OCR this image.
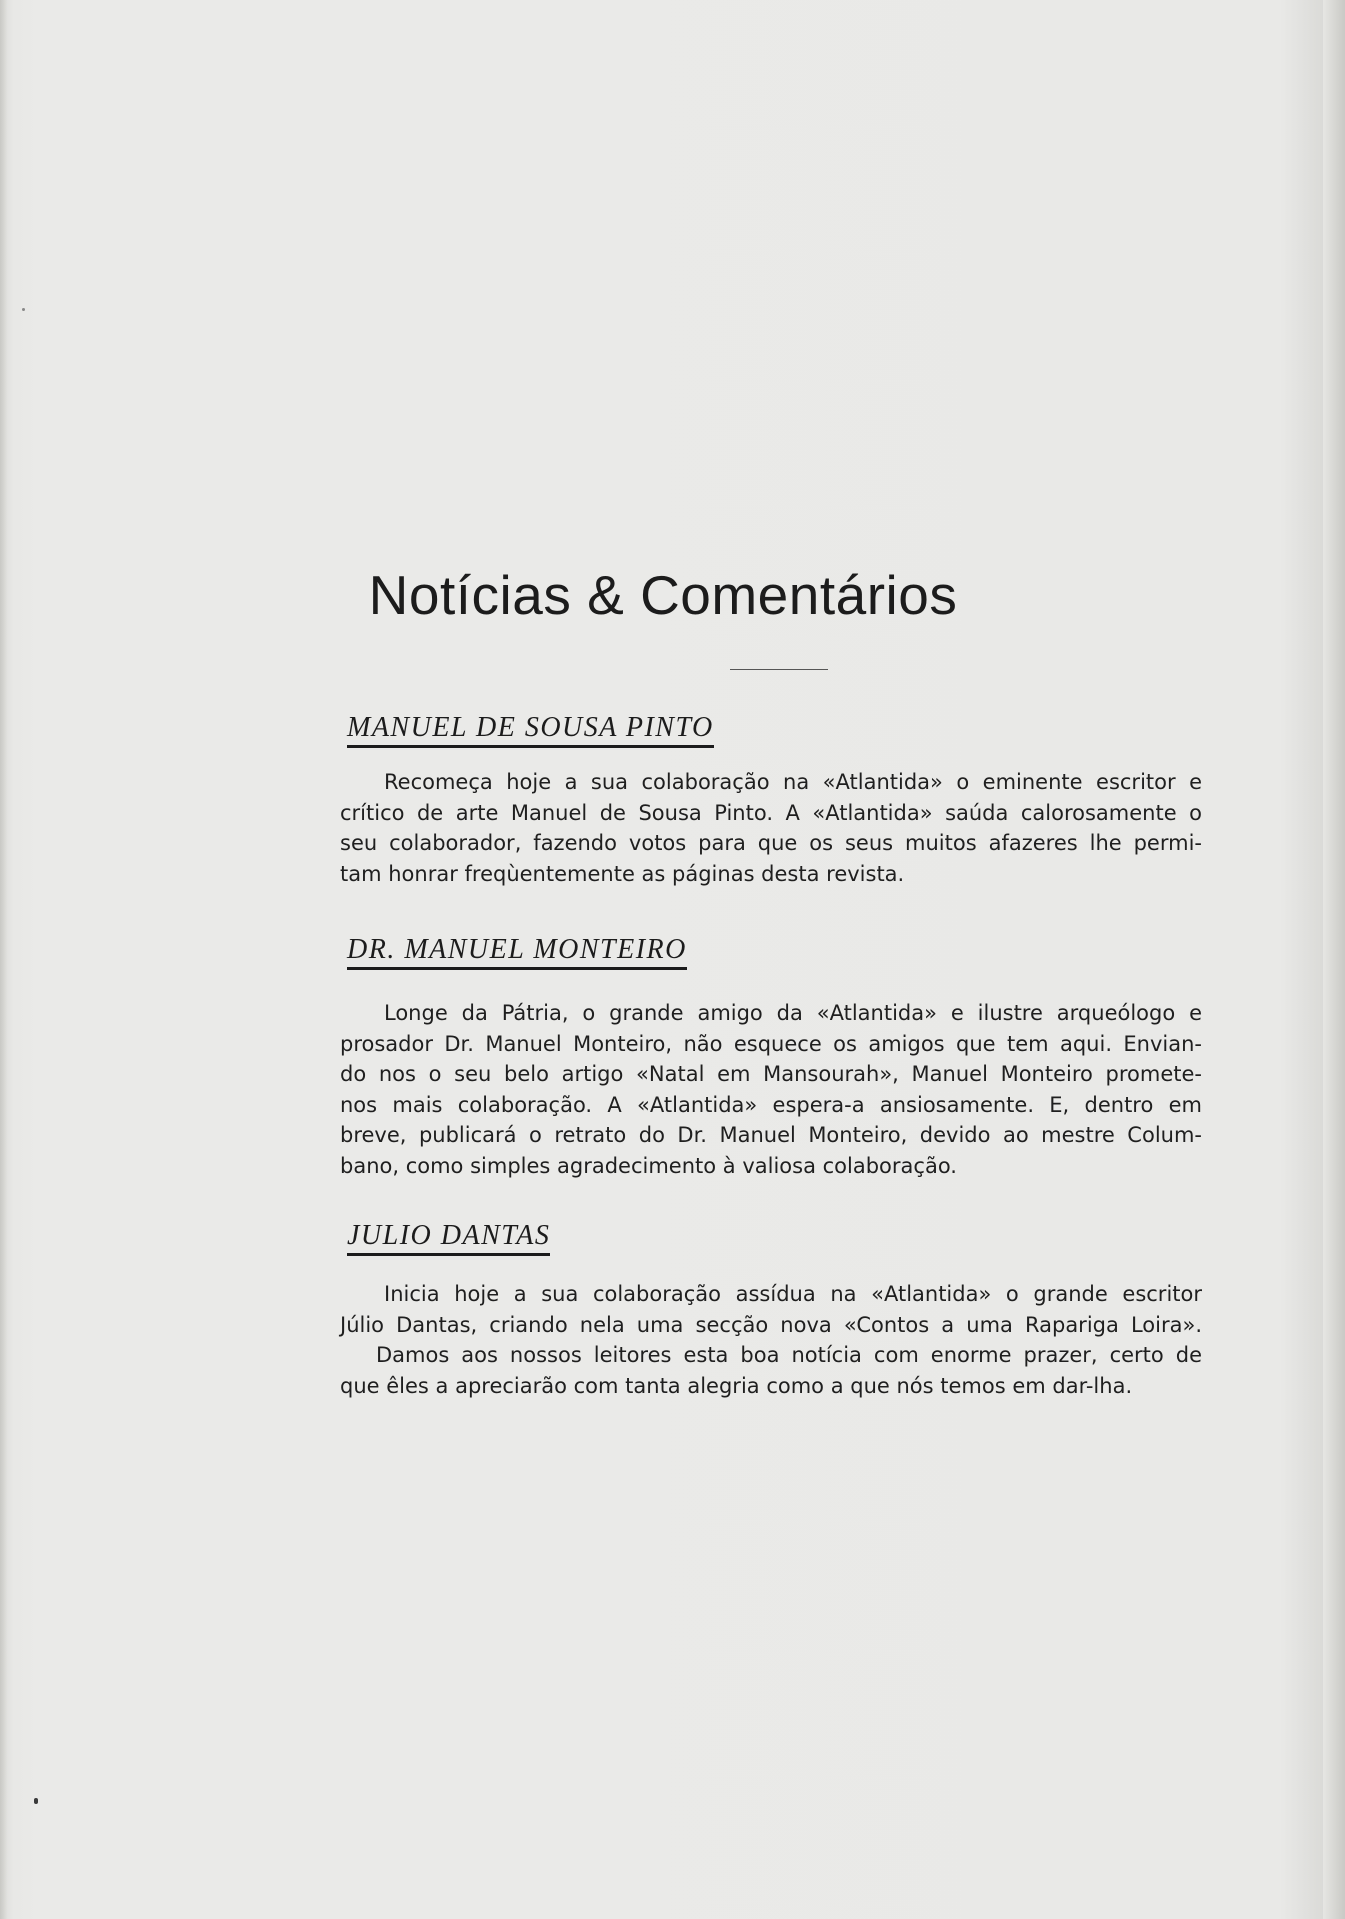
Notícias & Comentários
MANUEL DE SOUSA PINTO
Recomeça hoje a sua colaboração na «Atlantida» o eminente escritor e
crítico de arte Manuel de Sousa Pinto. A «Atlantida» saúda calorosamente o
seu colaborador, fazendo votos para que os seus muitos afazeres lhe permi-
tam honrar freqùentemente as páginas desta revista.
DR. MANUEL MONTEIRO
Longe da Pátria, o grande amigo da «Atlantida» e ilustre arqueólogo e
prosador Dr. Manuel Monteiro, não esquece os amigos que tem aqui. Envian-
do nos o seu belo artigo «Natal em Mansourah», Manuel Monteiro promete-
nos mais colaboração. A «Atlantida» espera-a ansiosamente. E, dentro em
breve, publicará o retrato do Dr. Manuel Monteiro, devido ao mestre Colum-
bano, como simples agradecimento à valiosa colaboração.
JULIO DANTAS
Inicia hoje a sua colaboração assídua na «Atlantida» o grande escritor
Júlio Dantas, criando nela uma secção nova «Contos a uma Rapariga Loira».
Damos aos nossos leitores esta boa notícia com enorme prazer, certo de
que êles a apreciarão com tanta alegria como a que nós temos em dar-lha.
